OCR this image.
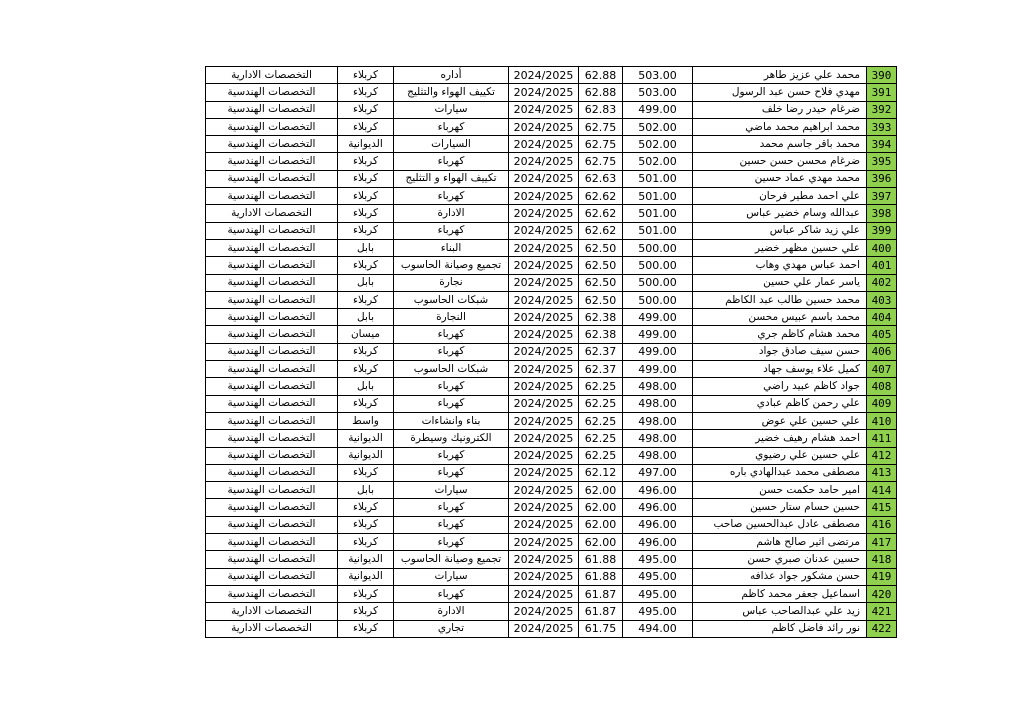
390	محمد علي عزيز طاهر	503.00	62.88	2024/2025	أداره	كربلاء	التخصصات الادارية
391	مهدي فلاح حسن عبد الرسول	503.00	62.88	2024/2025	تكييف الهواء والتثليج	كربلاء	التخصصات الهندسية
392	ضرغام حيدر رضا خلف	499.00	62.83	2024/2025	سيارات	كربلاء	التخصصات الهندسية
393	محمد ابراهيم محمد ماضي	502.00	62.75	2024/2025	كهرباء	كربلاء	التخصصات الهندسية
394	محمد باقر جاسم محمد	502.00	62.75	2024/2025	السيارات	الديوانية	التخصصات الهندسية
395	ضرغام محسن حسن حسين	502.00	62.75	2024/2025	كهرباء	كربلاء	التخصصات الهندسية
396	محمد مهدي عماد حسين	501.00	62.63	2024/2025	تكييف الهواء و التثليج	كربلاء	التخصصات الهندسية
397	علي احمد مطير فرحان	501.00	62.62	2024/2025	كهرباء	كربلاء	التخصصات الهندسية
398	عبدالله وسام خضير عباس	501.00	62.62	2024/2025	الادارة	كربلاء	التخصصات الادارية
399	علي زيد شاكر عباس	501.00	62.62	2024/2025	كهرباء	كربلاء	التخصصات الهندسية
400	علي حسين مظهر خضير	500.00	62.50	2024/2025	البناء	بابل	التخصصات الهندسية
401	احمد عباس مهدي وهاب	500.00	62.50	2024/2025	تجميع وصيانة الحاسوب	كربلاء	التخصصات الهندسية
402	ياسر عمار علي حسين	500.00	62.50	2024/2025	نجارة	بابل	التخصصات الهندسية
403	محمد حسين طالب عبد الكاظم	500.00	62.50	2024/2025	شبكات الحاسوب	كربلاء	التخصصات الهندسية
404	محمد باسم عبيس محسن	499.00	62.38	2024/2025	النجارة	بابل	التخصصات الهندسية
405	محمد هشام كاظم جري	499.00	62.38	2024/2025	كهرباء	ميسان	التخصصات الهندسية
406	حسن سيف صادق جواد	499.00	62.37	2024/2025	كهرباء	كربلاء	التخصصات الهندسية
407	كميل علاء يوسف جهاد	499.00	62.37	2024/2025	شبكات الحاسوب	كربلاء	التخصصات الهندسية
408	جواد كاظم عبيد راضي	498.00	62.25	2024/2025	كهرباء	بابل	التخصصات الهندسية
409	علي رحمن كاظم عبادي	498.00	62.25	2024/2025	كهرباء	كربلاء	التخصصات الهندسية
410	علي حسين علي عوض	498.00	62.25	2024/2025	بناء وانشاءات	واسط	التخصصات الهندسية
411	احمد هشام رهيف خضير	498.00	62.25	2024/2025	الكترونيك وسيطرة	الديوانية	التخصصات الهندسية
412	علي حسين علي رضيوي	498.00	62.25	2024/2025	كهرباء	الديوانية	التخصصات الهندسية
413	مصطفى محمد عبدالهادي باره	497.00	62.12	2024/2025	كهرباء	كربلاء	التخصصات الهندسية
414	امير حامد حكمت حسن	496.00	62.00	2024/2025	سيارات	بابل	التخصصات الهندسية
415	حسين حسام ستار حسين	496.00	62.00	2024/2025	كهرباء	كربلاء	التخصصات الهندسية
416	مصطفى عادل عبدالحسين صاحب	496.00	62.00	2024/2025	كهرباء	كربلاء	التخصصات الهندسية
417	مرتضى اثير صالح هاشم	496.00	62.00	2024/2025	كهرباء	كربلاء	التخصصات الهندسية
418	حسين عدنان صبري حسن	495.00	61.88	2024/2025	تجميع وصيانة الحاسوب	الديوانية	التخصصات الهندسية
419	حسن مشكور جواد عذافه	495.00	61.88	2024/2025	سيارات	الديوانية	التخصصات الهندسية
420	اسماعيل جعفر محمد كاظم	495.00	61.87	2024/2025	كهرباء	كربلاء	التخصصات الهندسية
421	زيد علي عبدالصاحب عباس	495.00	61.87	2024/2025	الادارة	كربلاء	التخصصات الادارية
422	نور رائد فاضل كاظم	494.00	61.75	2024/2025	تجاري	كربلاء	التخصصات الادارية
